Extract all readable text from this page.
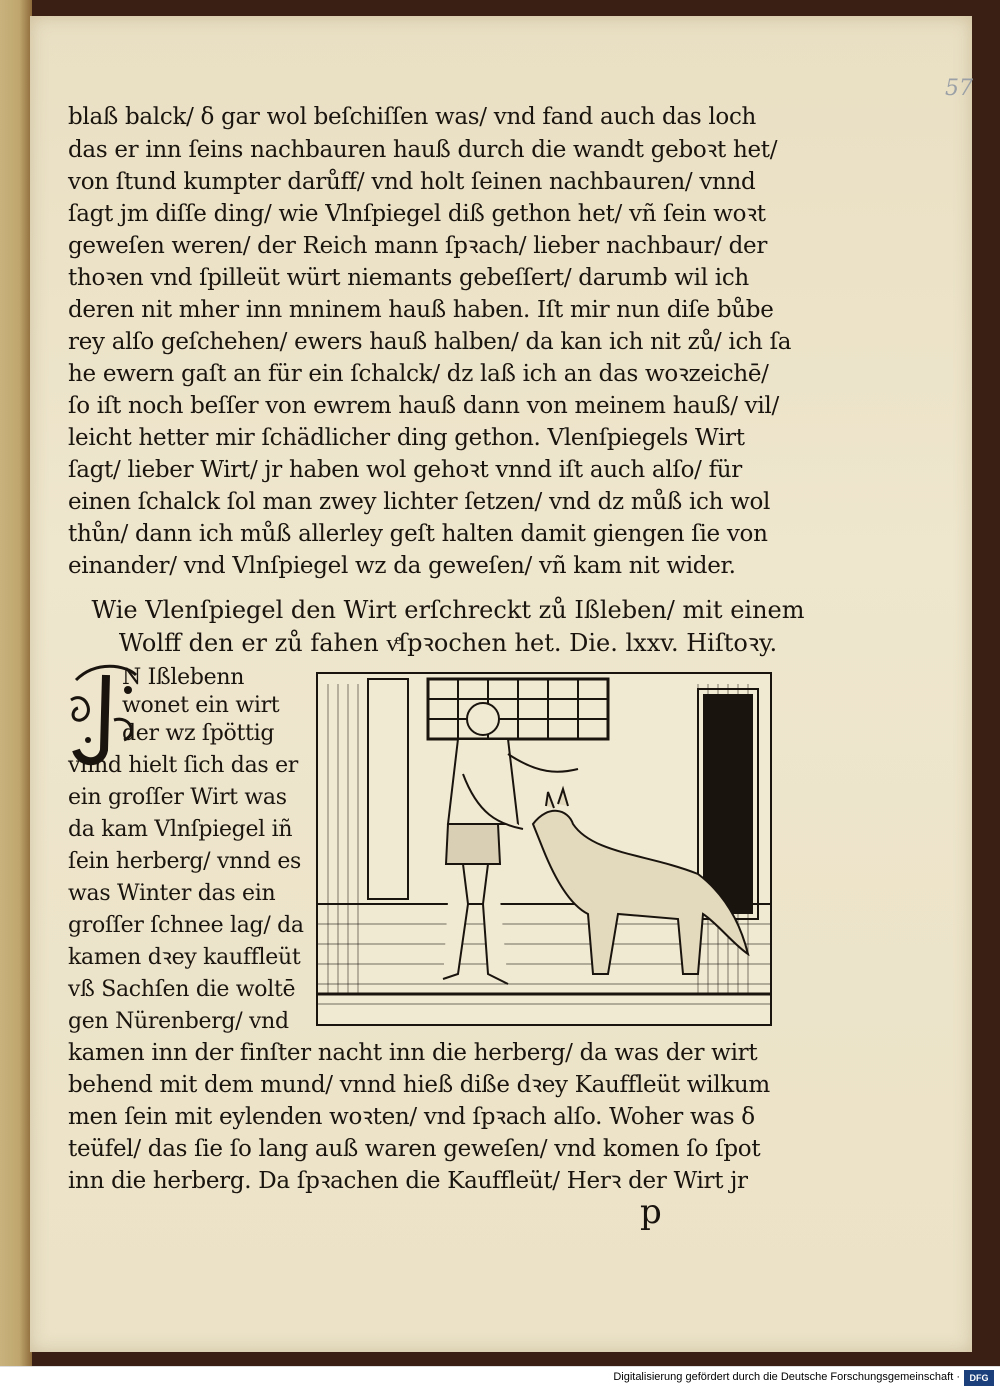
57
blaß balck/ ẟ gar wol beſchiſſen was/ vnd fand auch das loch
das er inn ſeins nachbauren hauß durch die wandt geboꝛt het/
von ſtund kumpter darůff/ vnd holt ſeinen nachbauren/ vnnd
ſagt jm diſſe ding/ wie Vlnſpiegel diß gethon het/ vñ ſein woꝛt
geweſen weren/ der Reich mann ſpꝛach/ lieber nachbaur/ der
thoꝛen vnd ſpilleüt würt niemants gebeſſert/ darumb wil ich
deren nit mher inn mninem hauß haben. Iſt mir nun diſe bůbe
rey alſo geſchehen/ ewers hauß halben/ da kan ich nit zů/ ich ſa
he ewern gaſt an für ein ſchalck/ dz laß ich an das woꝛzeichē/
ſo iſt noch beſſer von ewrem hauß dann von meinem hauß/ vil/
leicht hetter mir ſchädlicher ding gethon. Vlenſpiegels Wirt
ſagt/ lieber Wirt/ jr haben wol gehoꝛt vnnd iſt auch alſo/ für
einen ſchalck ſol man zwey lichter ſetzen/ vnd dz můß ich wol
thůn/ dann ich můß allerley geſt halten damit giengen ſie von
einander/ vnd Vlnſpiegel wz da geweſen/ vñ kam nit wider.
Wie Vlenſpiegel den Wirt erſchreckt zů Ißleben/ mit einem
Wolff den er zů fahen vͤſpꝛochen het. Die. lxxv. Hiſtoꝛy.
N Ißlebenn
wonet ein wirt
der wz ſpöttig
vnnd hielt ſich das er
ein groſſer Wirt was
da kam Vlnſpiegel iñ
ſein herberg/ vnnd es
was Winter das ein
groſſer ſchnee lag/ da
kamen dꝛey kauffleüt
vß Sachſen die woltē
gen Nürenberg/ vnd
kamen inn der finſter nacht inn die herberg/ da was der wirt
behend mit dem mund/ vnnd hieß diße dꝛey Kauffleüt wilkum
men ſein mit eylenden woꝛten/ vnd ſpꝛach alſo. Woher was ẟ
teüfel/ das ſie ſo lang auß waren geweſen/ vnd komen ſo ſpot
inn die herberg. Da ſpꝛachen die Kauffleüt/ Herꝛ der Wirt jr
p
Digitalisierung gefördert durch die Deutsche Forschungsgemeinschaft ·	DFG
